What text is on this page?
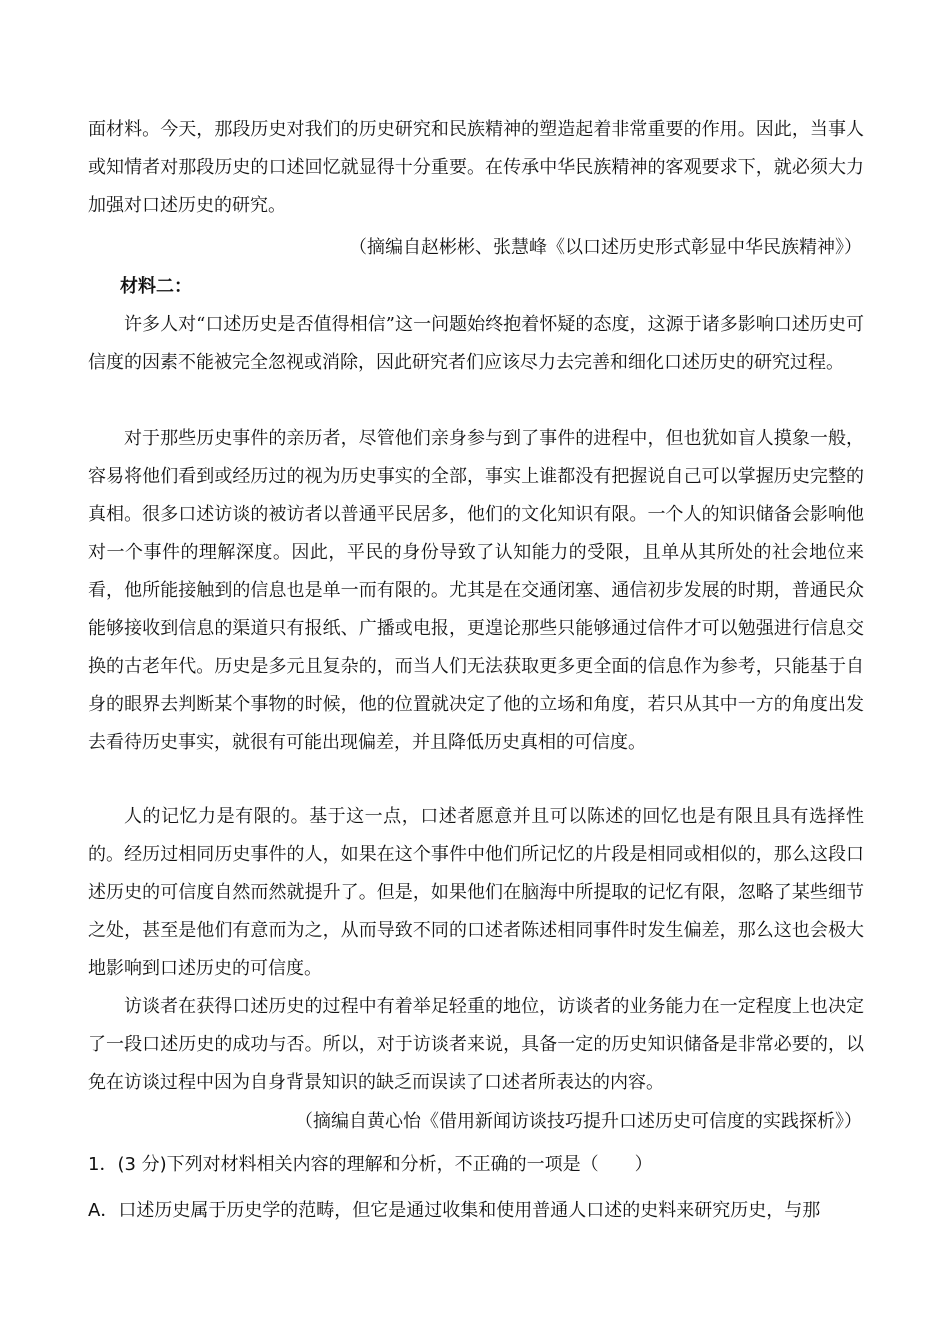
面材料。今天，那段历史对我们的历史研究和民族精神的塑造起着非常重要的作用。因此，当事人或知情者对那段历史的口述回忆就显得十分重要。在传承中华民族精神的客观要求下，就必须大力加强对口述历史的研究。
（摘编自赵彬彬、张慧峰《以口述历史形式彰显中华民族精神》）
材料二：
许多人对“口述历史是否值得相信”这一问题始终抱着怀疑的态度，这源于诸多影响口述历史可信度的因素不能被完全忽视或消除，因此研究者们应该尽力去完善和细化口述历史的研究过程。
对于那些历史事件的亲历者，尽管他们亲身参与到了事件的进程中，但也犹如盲人摸象一般，容易将他们看到或经历过的视为历史事实的全部，事实上谁都没有把握说自己可以掌握历史完整的真相。很多口述访谈的被访者以普通平民居多，他们的文化知识有限。一个人的知识储备会影响他对一个事件的理解深度。因此，平民的身份导致了认知能力的受限，且单从其所处的社会地位来看，他所能接触到的信息也是单一而有限的。尤其是在交通闭塞、通信初步发展的时期，普通民众能够接收到信息的渠道只有报纸、广播或电报，更遑论那些只能够通过信件才可以勉强进行信息交换的古老年代。历史是多元且复杂的，而当人们无法获取更多更全面的信息作为参考，只能基于自身的眼界去判断某个事物的时候，他的位置就决定了他的立场和角度，若只从其中一方的角度出发去看待历史事实，就很有可能出现偏差，并且降低历史真相的可信度。
人的记忆力是有限的。基于这一点，口述者愿意并且可以陈述的回忆也是有限且具有选择性的。经历过相同历史事件的人，如果在这个事件中他们所记忆的片段是相同或相似的，那么这段口述历史的可信度自然而然就提升了。但是，如果他们在脑海中所提取的记忆有限，忽略了某些细节之处，甚至是他们有意而为之，从而导致不同的口述者陈述相同事件时发生偏差，那么这也会极大地影响到口述历史的可信度。
访谈者在获得口述历史的过程中有着举足轻重的地位，访谈者的业务能力在一定程度上也决定了一段口述历史的成功与否。所以，对于访谈者来说，具备一定的历史知识储备是非常必要的，以免在访谈过程中因为自身背景知识的缺乏而误读了口述者所表达的内容。
（摘编自黄心怡《借用新闻访谈技巧提升口述历史可信度的实践探析》）
1．(3 分)下列对材料相关内容的理解和分析，不正确的一项是（　　）
A．口述历史属于历史学的范畴，但它是通过收集和使用普通人口述的史料来研究历史，与那
